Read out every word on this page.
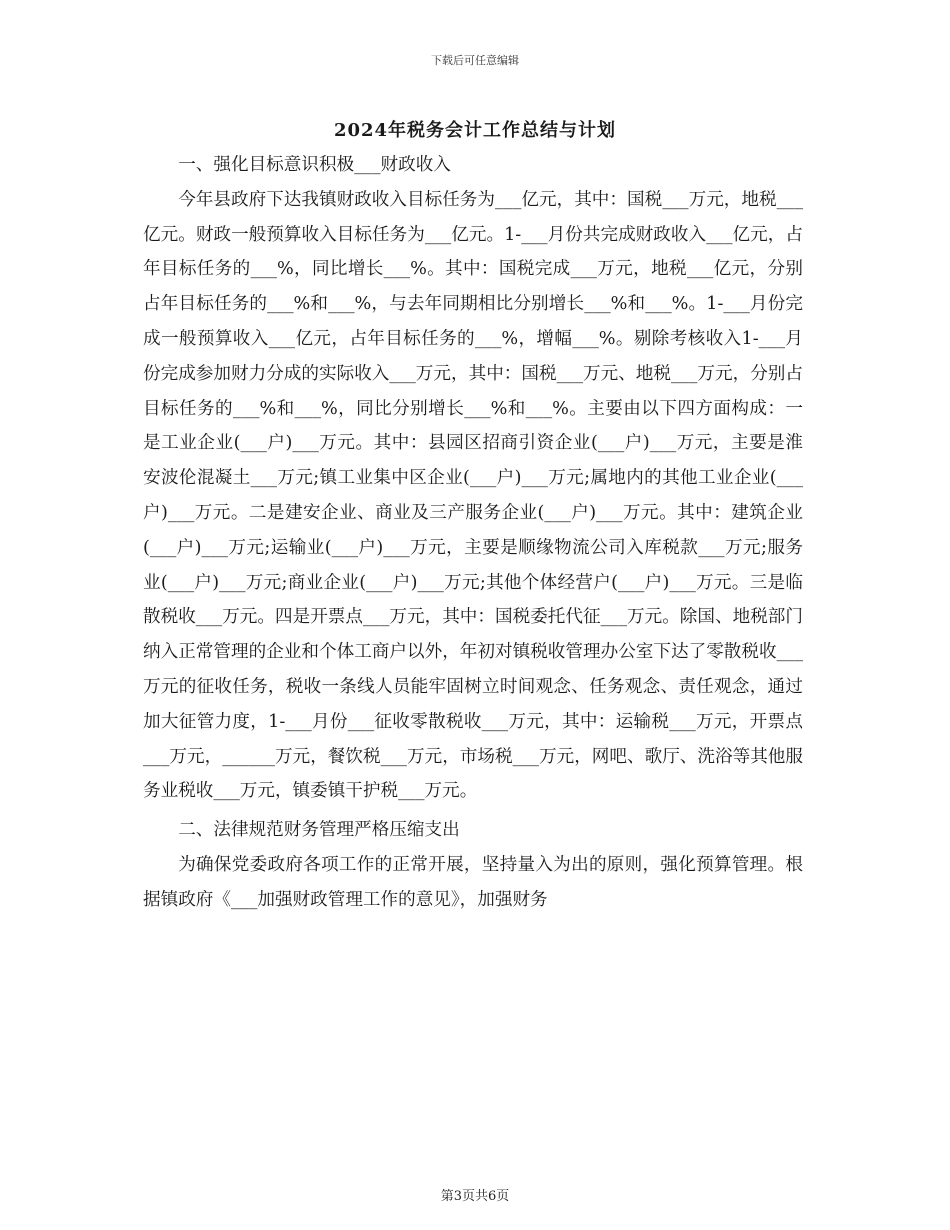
下载后可任意编辑
2024年税务会计工作总结与计划

一、强化目标意识积极___财政收入

今年县政府下达我镇财政收入目标任务为___亿元，其中：国税___万元，地税___亿元。财政一般预算收入目标任务为___亿元。1-___月份共完成财政收入___亿元，占年目标任务的___%，同比增长___%。其中：国税完成___万元，地税___亿元，分别占年目标任务的___%和___%，与去年同期相比分别增长___%和___%。1-___月份完成一般预算收入___亿元，占年目标任务的___%，增幅___%。剔除考核收入1-___月份完成参加财力分成的实际收入___万元，其中：国税___万元、地税___万元，分别占目标任务的___%和___%，同比分别增长___%和___%。主要由以下四方面构成：一是工业企业(___户)___万元。其中：县园区招商引资企业(___户)___万元，主要是淮安波伦混凝土___万元;镇工业集中区企业(___户)___万元;属地内的其他工业企业(___户)___万元。二是建安企业、商业及三产服务企业(___户)___万元。其中：建筑企业(___户)___万元;运输业(___户)___万元，主要是顺缘物流公司入库税款___万元;服务业(___户)___万元;商业企业(___户)___万元;其他个体经营户(___户)___万元。三是临散税收___万元。四是开票点___万元，其中：国税委托代征___万元。除国、地税部门纳入正常管理的企业和个体工商户以外，年初对镇税收管理办公室下达了零散税收___万元的征收任务，税收一条线人员能牢固树立时间观念、任务观念、责任观念，通过加大征管力度，1-___月份___征收零散税收___万元，其中：运输税___万元，开票点___万元，______万元，餐饮税___万元，市场税___万元，网吧、歌厅、洗浴等其他服务业税收___万元，镇委镇干护税___万元。

二、法律规范财务管理严格压缩支出

为确保党委政府各项工作的正常开展，坚持量入为出的原则，强化预算管理。根据镇政府《___加强财政管理工作的意见》，加强财务

第3页共6页
